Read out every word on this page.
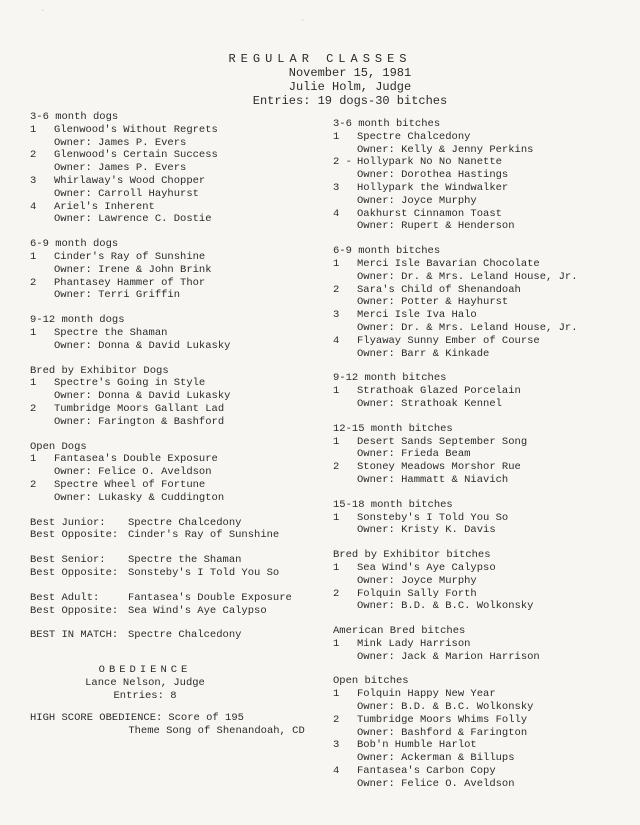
·
·
REGULAR CLASSES
November 15, 1981
Julie Holm, Judge
Entries: 19 dogs-30 bitches
3-6 month dogs
1	Glenwood's Without Regrets
Owner: James P. Evers
2	Glenwood's Certain Success
Owner: James P. Evers
3	Whirlaway's Wood Chopper
Owner: Carroll Hayhurst
4	Ariel's Inherent
Owner: Lawrence C. Dostie
6-9 month dogs
1	Cinder's Ray of Sunshine
Owner: Irene & John Brink
2	Phantasey Hammer of Thor
Owner: Terri Griffin
9-12 month dogs
1	Spectre the Shaman
Owner: Donna & David Lukasky
Bred by Exhibitor Dogs
1	Spectre's Going in Style
Owner: Donna & David Lukasky
2	Tumbridge Moors Gallant Lad
Owner: Farington & Bashford
Open Dogs
1	Fantasea's Double Exposure
Owner: Felice O. Aveldson
2	Spectre Wheel of Fortune
Owner: Lukasky & Cuddington
Best Junior:	Spectre Chalcedony
Best Opposite: Cinder's Ray of Sunshine
Best Senior:	Spectre the Shaman
Best Opposite: Sonsteby's I Told You So
Best Adult:	Fantasea's Double Exposure
Best Opposite: Sea Wind's Aye Calypso
BEST IN MATCH: Spectre Chalcedony
OBEDIENCE
Lance Nelson, Judge
Entries: 8
HIGH SCORE OBEDIENCE: Score of 195
Theme Song of Shenandoah, CD
3-6 month bitches
1	Spectre Chalcedony
Owner: Kelly & Jenny Perkins
2 - Hollypark No No Nanette
Owner: Dorothea Hastings
3	Hollypark the Windwalker
Owner: Joyce Murphy
4	Oakhurst Cinnamon Toast
Owner: Rupert & Henderson
6-9 month bitches
1	Merci Isle Bavarian Chocolate
Owner: Dr. & Mrs. Leland House, Jr.
2	Sara's Child of Shenandoah
Owner: Potter & Hayhurst
3	Merci Isle Iva Halo
Owner: Dr. & Mrs. Leland House, Jr.
4	Flyaway Sunny Ember of Course
Owner: Barr & Kinkade
9-12 month bitches
1	Strathoak Glazed Porcelain
Owner: Strathoak Kennel
12-15 month bitches
1	Desert Sands September Song
Owner: Frieda Beam
2	Stoney Meadows Morshor Rue
Owner: Hammatt & Niavich
15-18 month bitches
1	Sonsteby's I Told You So
Owner: Kristy K. Davis
Bred by Exhibitor bitches
1	Sea Wind's Aye Calypso
Owner: Joyce Murphy
2	Folquin Sally Forth
Owner: B.D. & B.C. Wolkonsky
American Bred bitches
1	Mink Lady Harrison
Owner: Jack & Marion Harrison
Open bitches
1	Folquin Happy New Year
Owner: B.D. & B.C. Wolkonsky
2	Tumbridge Moors Whims Folly
Owner: Bashford & Farington
3	Bob'n Humble Harlot
Owner: Ackerman & Billups
4	Fantasea's Carbon Copy
Owner: Felice O. Aveldson
